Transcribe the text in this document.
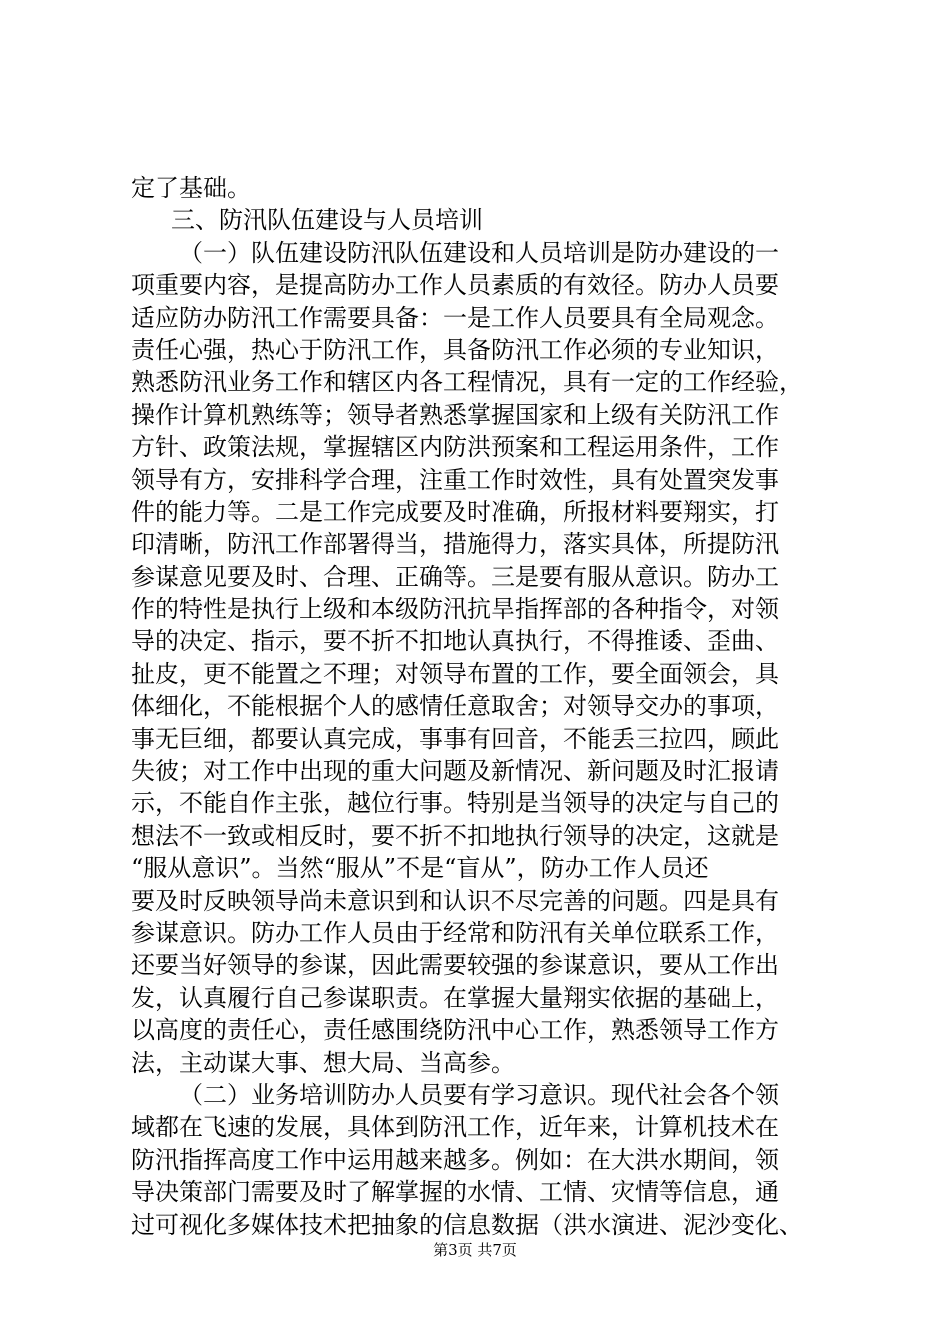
定了基础。
三、防汛队伍建设与人员培训
（一）队伍建设防汛队伍建设和人员培训是防办建设的一
项重要内容，是提高防办工作人员素质的有效径。防办人员要
适应防办防汛工作需要具备：一是工作人员要具有全局观念。
责任心强，热心于防汛工作，具备防汛工作必须的专业知识，
熟悉防汛业务工作和辖区内各工程情况，具有一定的工作经验，
操作计算机熟练等；领导者熟悉掌握国家和上级有关防汛工作
方针、政策法规，掌握辖区内防洪预案和工程运用条件，工作
领导有方，安排科学合理，注重工作时效性，具有处置突发事
件的能力等。二是工作完成要及时准确，所报材料要翔实，打
印清晰，防汛工作部署得当，措施得力，落实具体，所提防汛
参谋意见要及时、合理、正确等。三是要有服从意识。防办工
作的特性是执行上级和本级防汛抗旱指挥部的各种指令，对领
导的决定、指示，要不折不扣地认真执行，不得推诿、歪曲、
扯皮，更不能置之不理；对领导布置的工作，要全面领会，具
体细化，不能根据个人的感情任意取舍；对领导交办的事项，
事无巨细，都要认真完成，事事有回音，不能丢三拉四，顾此
失彼；对工作中出现的重大问题及新情况、新问题及时汇报请
示，不能自作主张，越位行事。特别是当领导的决定与自己的
想法不一致或相反时，要不折不扣地执行领导的决定，这就是
“服从意识”。当然“服从”不是“盲从”，防办工作人员还
要及时反映领导尚未意识到和认识不尽完善的问题。四是具有
参谋意识。防办工作人员由于经常和防汛有关单位联系工作，
还要当好领导的参谋，因此需要较强的参谋意识，要从工作出
发，认真履行自己参谋职责。在掌握大量翔实依据的基础上，
以高度的责任心，责任感围绕防汛中心工作，熟悉领导工作方
法，主动谋大事、想大局、当高参。
（二）业务培训防办人员要有学习意识。现代社会各个领
域都在飞速的发展，具体到防汛工作，近年来，计算机技术在
防汛指挥高度工作中运用越来越多。例如：在大洪水期间，领
导决策部门需要及时了解掌握的水情、工情、灾情等信息，通
过可视化多媒体技术把抽象的信息数据（洪水演进、泥沙变化、
第3页 共7页
